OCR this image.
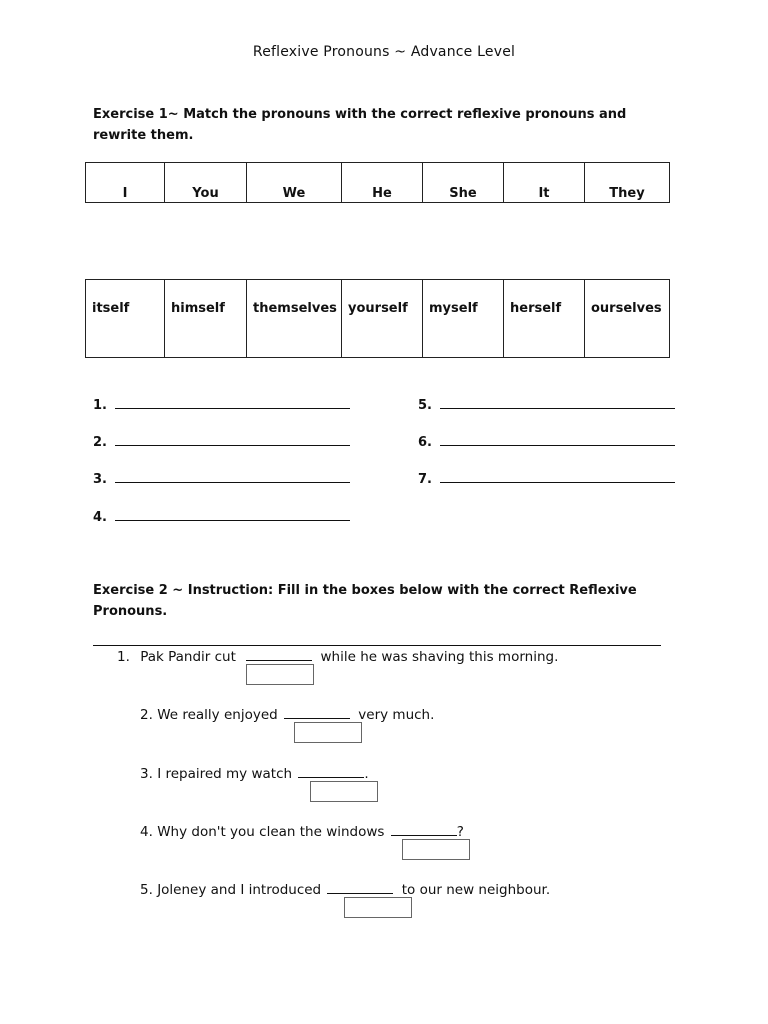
Reflexive Pronouns ~ Advance Level
Exercise 1~ Match the pronouns with the correct reflexive pronouns and rewrite them.
I	You	We	He	She	It	They
itself	himself	themselves	yourself	myself	herself	ourselves
1.
2.
3.
4.
5.
6.
7.
Exercise 2 ~ Instruction: Fill in the boxes below with the correct Reflexive Pronouns.
1. Pak Pandir cut	while he was shaving this morning.
2. We really enjoyed	very much.
3. I repaired my watch	.
4. Why don't you clean the windows	?
5. Joleney and I introduced	to our new neighbour.
